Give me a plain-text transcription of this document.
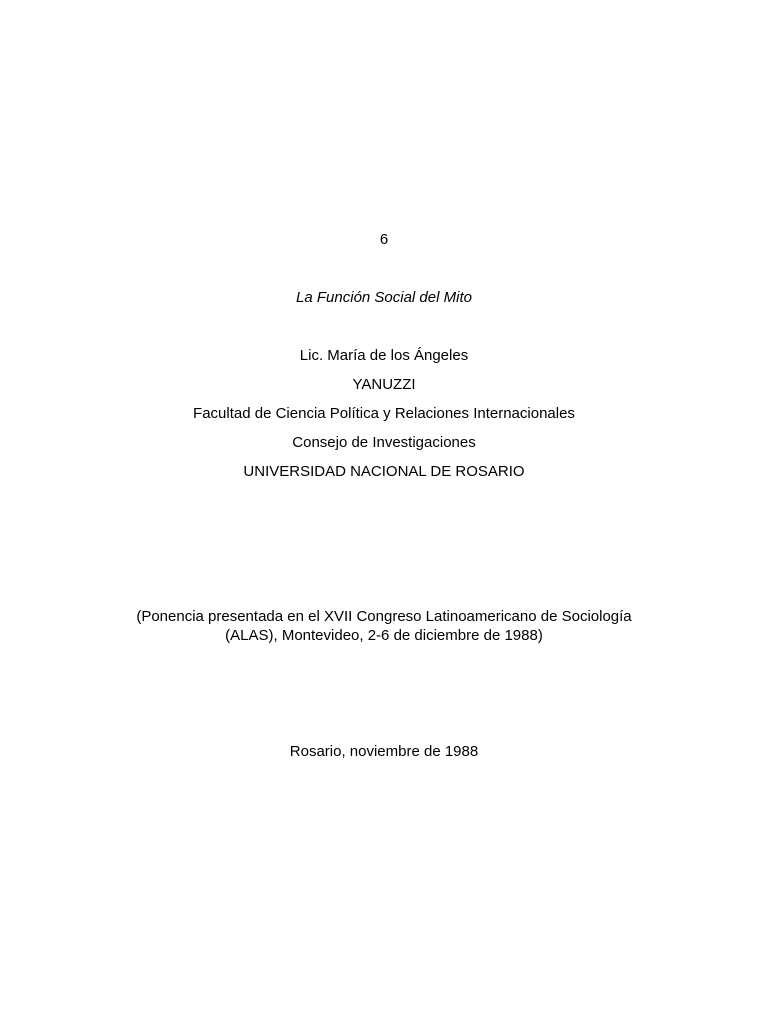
6
La Función Social del Mito
Lic. María de los Ángeles
YANUZZI
Facultad de Ciencia Política y Relaciones Internacionales
Consejo de Investigaciones
UNIVERSIDAD NACIONAL DE ROSARIO
(Ponencia presentada en el XVII Congreso Latinoamericano de Sociología
(ALAS), Montevideo, 2-6 de diciembre de 1988)
Rosario, noviembre de 1988
